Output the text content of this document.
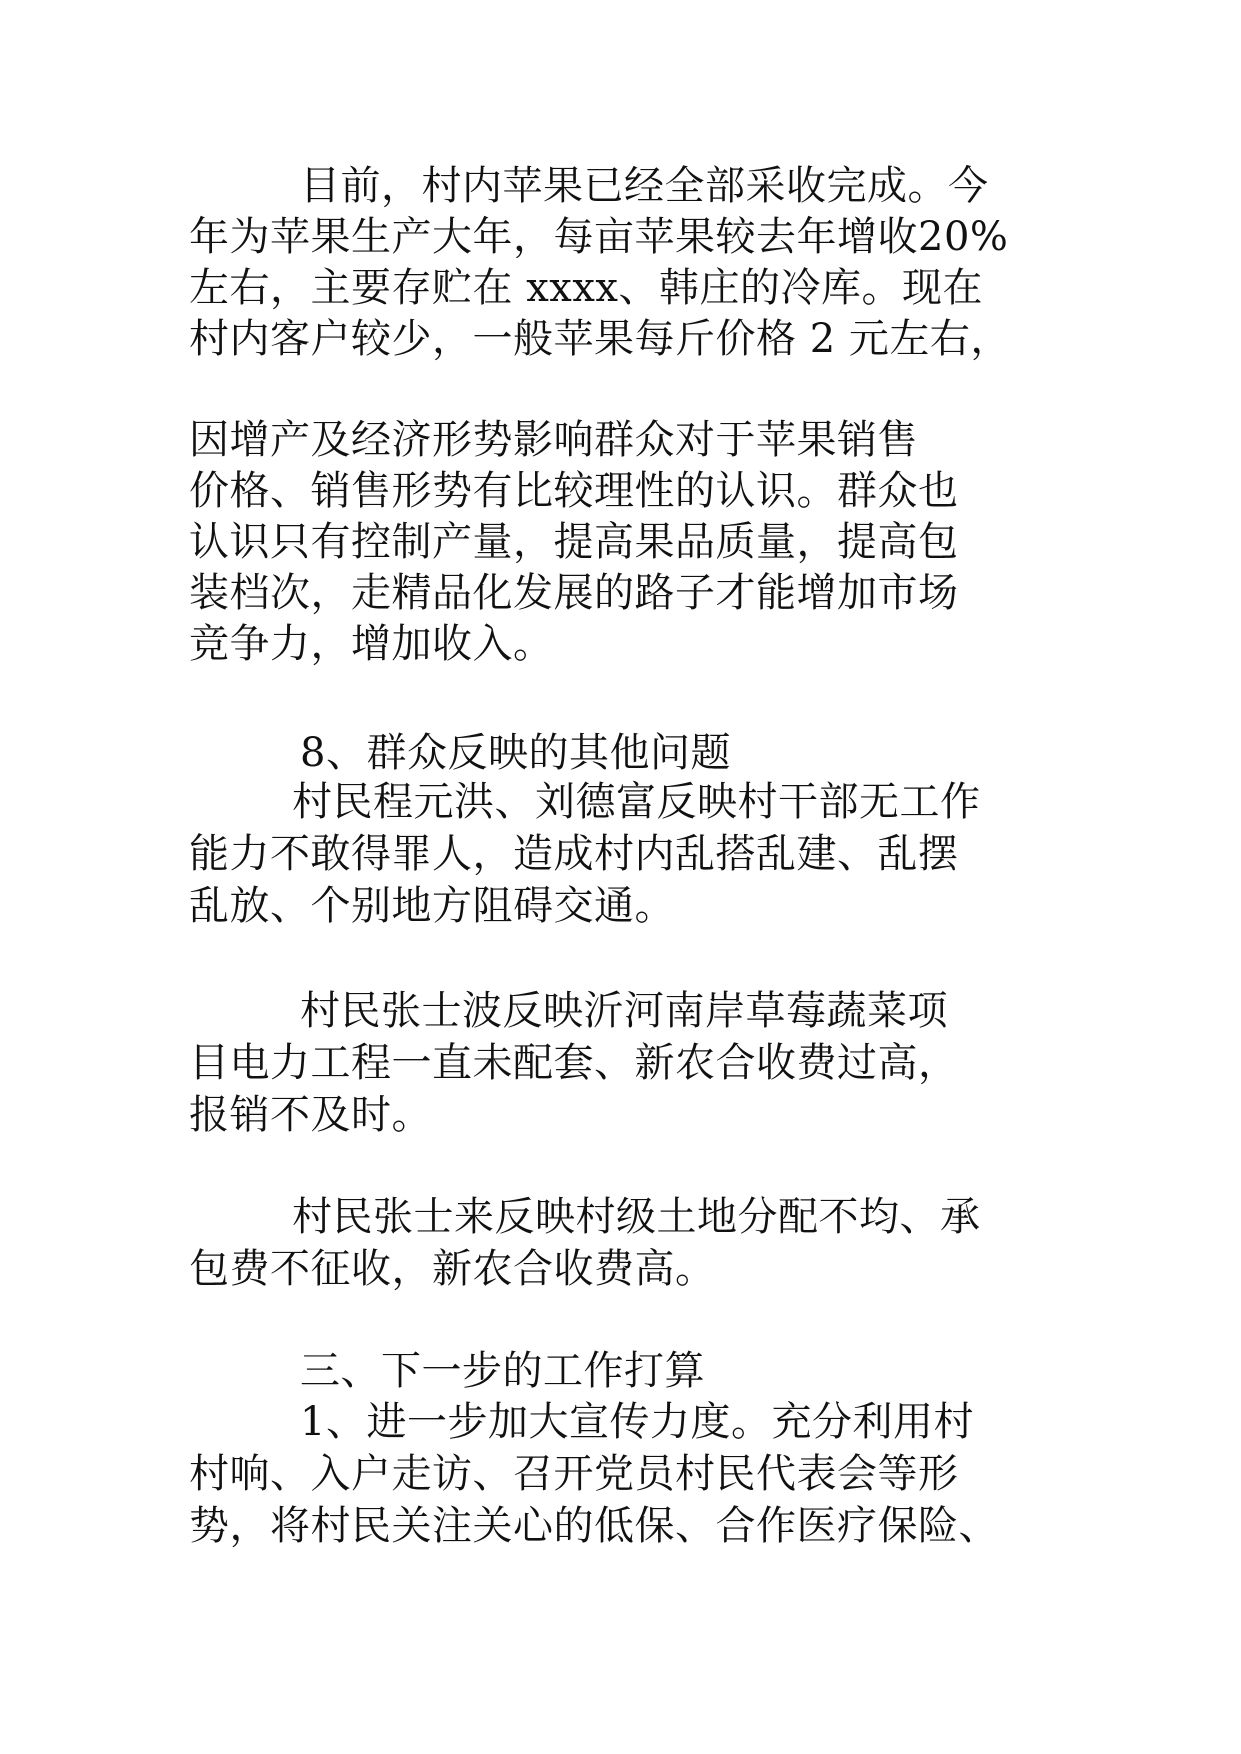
目前，村内苹果已经全部采收完成。今
年为苹果生产大年，每亩苹果较去年增收20%
左右，主要存贮在 xxxx、韩庄的冷库。现在
村内客户较少，一般苹果每斤价格 2 元左右，
因增产及经济形势影响群众对于苹果销售
价格、销售形势有比较理性的认识。群众也
认识只有控制产量，提高果品质量，提高包
装档次，走精品化发展的路子才能增加市场
竞争力，增加收入。
8、群众反映的其他问题
村民程元洪、刘德富反映村干部无工作
能力不敢得罪人，造成村内乱搭乱建、乱摆
乱放、个别地方阻碍交通。
村民张士波反映沂河南岸草莓蔬菜项
目电力工程一直未配套、新农合收费过高，
报销不及时。
村民张士来反映村级土地分配不均、承
包费不征收，新农合收费高。
三、下一步的工作打算
1、进一步加大宣传力度。充分利用村
村响、入户走访、召开党员村民代表会等形
势，将村民关注关心的低保、合作医疗保险、
